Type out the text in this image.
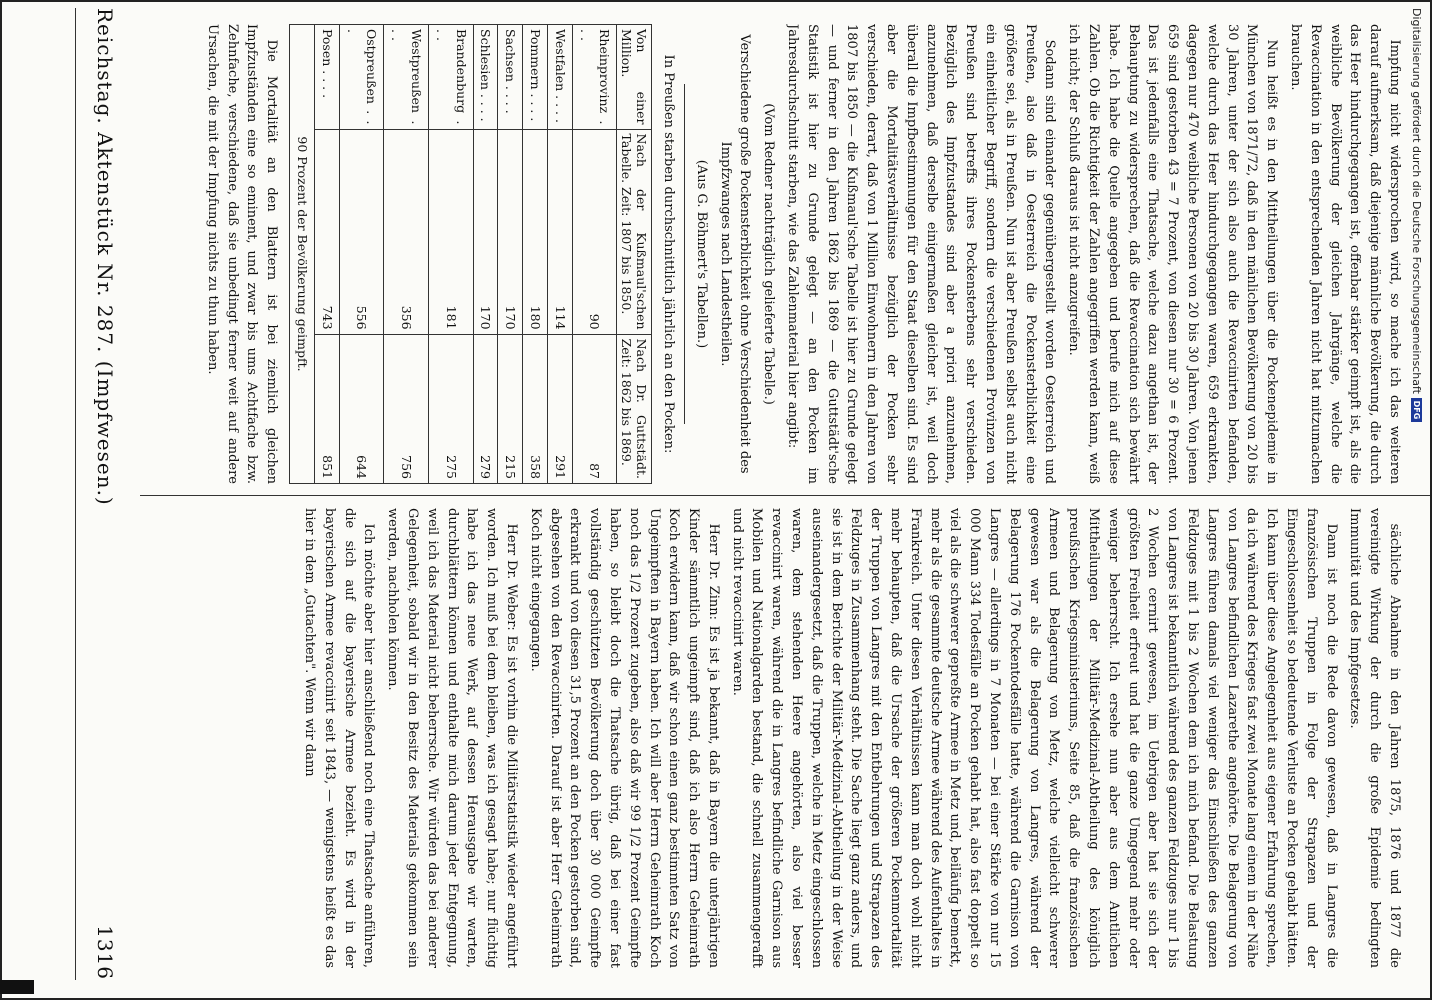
Digitalisierung gefördert durch die Deutsche Forschungsgemeinschaft
DFG

Impfung nicht widersprochen wird, so mache ich das weiteren darauf aufmerksam, daß diejenige männliche Bevölkerung, die durch das Heer hindurchgegangen ist, offenbar stärker geimpft ist, als die weibliche Bevölkerung der gleichen Jahrgänge, welche die Revaccination in den entsprechenden Jahren nicht hat mitzumachen brauchen.

Nun heißt es in den Mittheilungen über die Pockenepidemie in München von 1871/72, daß in den mänlichen Bevölkerung von 20 bis 30 Jahren, unter der sich also auch die Revaccinirten befanden, welche durch das Heer hindurchgegangen waren, 659 erkrankten, dagegen nur 470 weibliche Personen von 20 bis 30 Jahren. Von jenen 659 sind gestorben 43 = 7 Prozent, von diesen nur 30 = 6 Prozent. Das ist jedenfalls eine Thatsache, welche dazu angethan ist, der Behauptung zu widersprechen, daß die Revaccination sich bewährt habe. Ich habe die Quelle angegeben und berufe mich auf diese Zahlen. Ob die Richtigkeit der Zahlen angegriffen werden kann, weiß ich nicht; der Schluß daraus ist nicht anzugreifen.

Sodann sind einander gegenübergestellt worden Oesterreich und Preußen, also daß in Oesterreich die Pockensterblichkeit eine größere sei, als in Preußen. Nun ist aber Preußen selbst auch nicht ein einheitlicher Begriff, sondern die verschiedenen Provinzen von Preußen sind betreffs ihres Pockensterbens sehr verschieden. Bezüglich des Impfzustandes sind aber a priori anzunehmen, anzunehmen, daß derselbe einigermaßen gleicher ist, weil doch überall die Impfbestimmungen für den Staat dieselben sind. Es sind aber die Mortalitätsverhältnisse bezüglich der Pocken sehr verschieden, derart, daß von 1 Million Einwohnern in den Jahren von 1807 bis 1850 — die Kußmaul'sche Tabelle ist hier zu Grunde gelegt — und ferner in den Jahren 1862 bis 1869 — die Guttstädt'sche Statistik ist hier zu Grunde gelegt — an den Pocken im Jahresdurchschnitt starben, wie das Zahlenmaterial hier angibt:

(Vom Redner nachträglich gelieferte Tabelle.)

Verschiedene große Pockensterblichkeit ohne Verschiedenheit des Impfzwanges nach Landestheilen.

(Aus G. Böhmert's Tabellen.)

In Preußen starben durchschnittlich jährlich an den Pocken:

Von einer Million.	Nach der Kußmaul'schen Tabelle. Zeit: 1807 bis 1850.	Nach Dr. Guttstädt. Zeit: 1862 bis 1869.
Rheinprovinz . . .	90	87
Westfalen . . . .	114	291
Pommern . . . .	180	358
Sachsen . . . .	170	215
Schlesien . . . .	170	279
Brandenburg . . .	181	275
Westpreußen . . .	356	756
Ostpreußen . . .	556	644
Posen . . . .	743	851
90 Prozent der Bevölkerung geimpft.		

Die Mortalität an den Blattern ist bei ziemlich gleichen Impfzuständen eine so eminent, und zwar bis ums Achtfache bzw. Zehnfache, verschiedene, daß sie unbedingt ferner weit auf andere Ursachen, die mit der Impfung nichts zu thun haben.

sächliche Abnahme in den Jahren 1875, 1876 und 1877 die vereinigte Wirkung der durch die große Epidemie bedingten Immunität und des Impfgesetzes.

Dann ist noch die Rede davon gewesen, daß in Langres die französischen Truppen in Folge der Strapazen und der Eingeschlossenheit so bedeutende Verluste an Pocken gehabt hätten. Ich kann über diese Angelegenheit aus eigener Erfahrung sprechen, da ich während des Krieges fast zwei Monate lang einem in der Nähe von Langres befindlichen Lazarethe angehörte. Die Belagerung von Langres führen damals viel weniger das Einschließen des ganzen Feldzuges mit 1 bis 2 Wochen dem ich mich befand. Die Belastung von Langres ist bekanntlich während des ganzen Feldzuges nur 1 bis 2 Wochen cernirt gewesen, im Uebrigen aber hat sie sich der größten Freiheit erfreut und hat die ganze Umgegend mehr oder weniger beherrscht. Ich ersehe nun aber aus dem Amtlichen Mittheilungen der Militär-Medizinal-Abtheilung des königlich preußischen Kriegsministeriums, Seite 85, daß die französischen Armeen und Belagerung von Metz, welche vielleicht schwerer gewesen war als die Belagerung von Langres, während der Belagerung 176 Pockentodesfälle hatte, während die Garnison von Langres — allerdings in 7 Monaten — bei einer Stärke von nur 15 000 Mann 334 Todesfälle an Pocken gehabt hat, also fast doppelt so viel als die schwerer gepreßte Armee in Metz und, beiläufig bemerkt, mehr als die gesammte deutsche Armee während des Aufenthaltes in Frankreich. Unter diesen Verhältnissen kann man doch wohl nicht mehr behaupten, daß die Ursache der größeren Pockenmortalität der Truppen von Langres mit den Entbehrungen und Strapazen des Feldzuges in Zusammenhang steht. Die Sache liegt ganz anders, und sie ist in dem Berichte der Militär-Medizinal-Abtheilung in der Weise auseinandergesetzt, daß die Truppen, welche in Metz eingeschlossen waren, dem stehenden Heere angehörten, also viel besser revaccinirt waren, während die in Langres befindliche Garnison aus Mobilen und Nationalgarden bestand, die schnell zusammengerafft und nicht revaccinirt waren.

Herr Dr. Zinn: Es ist ja bekannt, daß in Bayern die unterjährigen Kinder sämmtlich ungeimpft sind, daß ich also Herrn Geheimrath Koch erwidern kann, daß wir schon einen ganz bestimmten Satz von Ungeimpften in Bayern haben. Ich will aber Herrn Geheimrath Koch noch das 1/2 Prozent zugeben, also daß wir 99 1/2 Prozent Geimpfte haben, so bleibt doch die Thatsache übrig, daß bei einer fast vollständig geschützten Bevölkerung doch über 30 000 Geimpfte erkrankt und von diesen 31,5 Prozent an den Pocken gestorben sind, abgesehen von den Revaccinirten. Darauf ist aber Herr Geheimrath Koch nicht eingegangen.

Herr Dr. Weber: Es ist vorhin die Militärstatistik wieder angeführt worden. Ich muß bei dem bleiben, was ich gesagt habe; nur flüchtig habe ich das neue Werk, auf dessen Herausgabe wir warten, durchblättern können und enthalte mich darum jeder Entgegnung, weil ich das Material nicht beherrsche. Wir würden das bei anderer Gelegenheit, sobald wir in den Besitz des Materials gekommen sein werden, nachholen können.

Ich möchte aber hier anschließend noch eine Thatsache anführen, die sich auf die bayerische Armee bezieht. Es wird in der bayerischen Armee revaccinirt seit 1843, — wenigstens heißt es das hier in dem „Gutachten". Wenn wir dann

Reichstag. Aktenstück Nr. 287. (Impfwesen.)
1316
